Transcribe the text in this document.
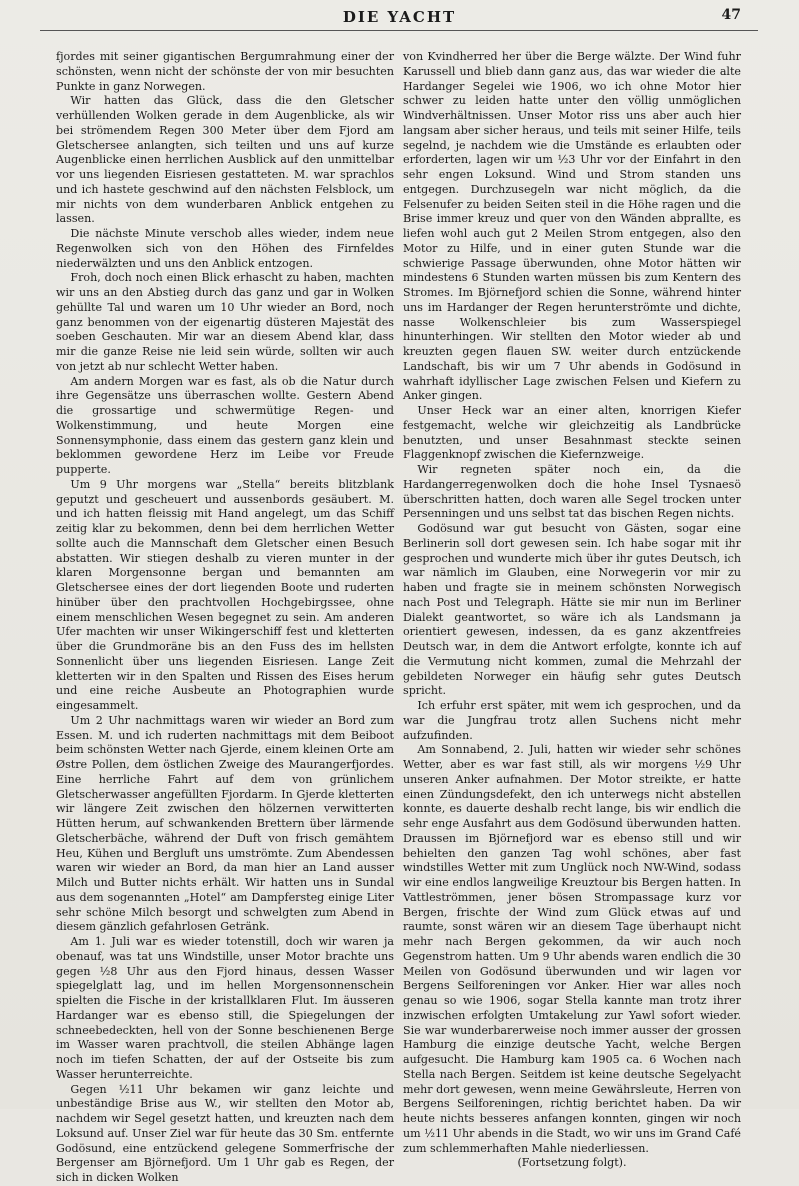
DIE YACHT	47

fjordes mit seiner gigantischen Bergumrahmung einer der schönsten, wenn nicht der schönste der von mir besuchten Punkte in ganz Norwegen.

Wir hatten das Glück, dass die den Gletscher verhüllenden Wolken gerade in dem Augenblicke, als wir bei strömendem Regen 300 Meter über dem Fjord am Gletschersee anlangten, sich teilten und uns auf kurze Augenblicke einen herrlichen Ausblick auf den unmittelbar vor uns liegenden Eisriesen gestatteten. M. war sprachlos und ich hastete geschwind auf den nächsten Felsblock, um mir nichts von dem wunderbaren Anblick entgehen zu lassen.

Die nächste Minute verschob alles wieder, indem neue Regenwolken sich von den Höhen des Firnfeldes niederwälzten und uns den Anblick entzogen.

Froh, doch noch einen Blick erhascht zu haben, machten wir uns an den Abstieg durch das ganz und gar in Wolken gehüllte Tal und waren um 10 Uhr wieder an Bord, noch ganz benommen von der eigenartig düsteren Majestät des soeben Geschauten. Mir war an diesem Abend klar, dass mir die ganze Reise nie leid sein würde, sollten wir auch von jetzt ab nur schlecht Wetter haben.

Am andern Morgen war es fast, als ob die Natur durch ihre Gegensätze uns überraschen wollte. Gestern Abend die grossartige und schwermütige Regen- und Wolkenstimmung, und heute Morgen eine Sonnensymphonie, dass einem das gestern ganz klein und beklommen gewordene Herz im Leibe vor Freude pupperte.

Um 9 Uhr morgens war „Stella“ bereits blitzblank geputzt und gescheuert und aussenbords gesäubert. M. und ich hatten fleissig mit Hand angelegt, um das Schiff zeitig klar zu bekommen, denn bei dem herrlichen Wetter sollte auch die Mannschaft dem Gletscher einen Besuch abstatten. Wir stiegen deshalb zu vieren munter in der klaren Morgensonne bergan und bemannten am Gletschersee eines der dort liegenden Boote und ruderten hinüber über den prachtvollen Hochgebirgssee, ohne einem menschlichen Wesen begegnet zu sein. Am anderen Ufer machten wir unser Wikingerschiff fest und kletterten über die Grundmoräne bis an den Fuss des im hellsten Sonnenlicht über uns liegenden Eisriesen. Lange Zeit kletterten wir in den Spalten und Rissen des Eises herum und eine reiche Ausbeute an Photographien wurde eingesammelt.

Um 2 Uhr nachmittags waren wir wieder an Bord zum Essen. M. und ich ruderten nachmittags mit dem Beiboot beim schönsten Wetter nach Gjerde, einem kleinen Orte am Østre Pollen, dem östlichen Zweige des Maurangerfjordes. Eine herrliche Fahrt auf dem von grünlichem Gletscherwasser angefüllten Fjordarm. In Gjerde kletterten wir längere Zeit zwischen den hölzernen verwitterten Hütten herum, auf schwankenden Brettern über lärmende Gletscherbäche, während der Duft von frisch gemähtem Heu, Kühen und Bergluft uns umströmte. Zum Abendessen waren wir wieder an Bord, da man hier an Land ausser Milch und Butter nichts erhält. Wir hatten uns in Sundal aus dem sogenannten „Hotel“ am Dampfersteg einige Liter sehr schöne Milch besorgt und schwelgten zum Abend in diesem gänzlich gefahrlosen Getränk.

Am 1. Juli war es wieder totenstill, doch wir waren ja obenauf, was tat uns Windstille, unser Motor brachte uns gegen ½8 Uhr aus den Fjord hinaus, dessen Wasser spiegelglatt lag, und im hellen Morgensonnenschein spielten die Fische in der kristallklaren Flut. Im äusseren Hardanger war es ebenso still, die Spiegelungen der schneebedeckten, hell von der Sonne beschienenen Berge im Wasser waren prachtvoll, die steilen Abhänge lagen noch im tiefen Schatten, der auf der Ostseite bis zum Wasser herunterreichte.

Gegen ½11 Uhr bekamen wir ganz leichte und unbeständige Brise aus W., wir stellten den Motor ab, nachdem wir Segel gesetzt hatten, und kreuzten nach dem Loksund auf. Unser Ziel war für heute das 30 Sm. entfernte Godösund, eine entzückend gelegene Sommerfrische der Bergenser am Björnefjord. Um 1 Uhr gab es Regen, der sich in dicken Wolken

von Kvindherred her über die Berge wälzte. Der Wind fuhr Karussell und blieb dann ganz aus, das war wieder die alte Hardanger Segelei wie 1906, wo ich ohne Motor hier schwer zu leiden hatte unter den völlig unmöglichen Windverhältnissen. Unser Motor riss uns aber auch hier langsam aber sicher heraus, und teils mit seiner Hilfe, teils segelnd, je nachdem wie die Umstände es erlaubten oder erforderten, lagen wir um ½3 Uhr vor der Einfahrt in den sehr engen Loksund. Wind und Strom standen uns entgegen. Durchzusegeln war nicht möglich, da die Felsenufer zu beiden Seiten steil in die Höhe ragen und die Brise immer kreuz und quer von den Wänden abprallte, es liefen wohl auch gut 2 Meilen Strom entgegen, also den Motor zu Hilfe, und in einer guten Stunde war die schwierige Passage überwunden, ohne Motor hätten wir mindestens 6 Stunden warten müssen bis zum Kentern des Stromes. Im Björnefjord schien die Sonne, während hinter uns im Hardanger der Regen herunterströmte und dichte, nasse Wolkenschleier bis zum Wasserspiegel hinunterhingen. Wir stellten den Motor wieder ab und kreuzten gegen flauen SW. weiter durch entzückende Landschaft, bis wir um 7 Uhr abends in Godösund in wahrhaft idyllischer Lage zwischen Felsen und Kiefern zu Anker gingen.

Unser Heck war an einer alten, knorrigen Kiefer festgemacht, welche wir gleichzeitig als Landbrücke benutzten, und unser Besahnmast steckte seinen Flaggenknopf zwischen die Kiefernzweige.

Wir regneten später noch ein, da die Hardangerregenwolken doch die hohe Insel Tysnaesö überschritten hatten, doch waren alle Segel trocken unter Persenningen und uns selbst tat das bischen Regen nichts.

Godösund war gut besucht von Gästen, sogar eine Berlinerin soll dort gewesen sein. Ich habe sogar mit ihr gesprochen und wunderte mich über ihr gutes Deutsch, ich war nämlich im Glauben, eine Norwegerin vor mir zu haben und fragte sie in meinem schönsten Norwegisch nach Post und Telegraph. Hätte sie mir nun im Berliner Dialekt geantwortet, so wäre ich als Landsmann ja orientiert gewesen, indessen, da es ganz akzentfreies Deutsch war, in dem die Antwort erfolgte, konnte ich auf die Vermutung nicht kommen, zumal die Mehrzahl der gebildeten Norweger ein häufig sehr gutes Deutsch spricht.

Ich erfuhr erst später, mit wem ich gesprochen, und da war die Jungfrau trotz allen Suchens nicht mehr aufzufinden.

Am Sonnabend, 2. Juli, hatten wir wieder sehr schönes Wetter, aber es war fast still, als wir morgens ½9 Uhr unseren Anker aufnahmen. Der Motor streikte, er hatte einen Zündungsdefekt, den ich unterwegs nicht abstellen konnte, es dauerte deshalb recht lange, bis wir endlich die sehr enge Ausfahrt aus dem Godösund überwunden hatten. Draussen im Björnefjord war es ebenso still und wir behielten den ganzen Tag wohl schönes, aber fast windstilles Wetter mit zum Unglück noch NW-Wind, sodass wir eine endlos langweilige Kreuztour bis Bergen hatten. In Vattleströmmen, jener bösen Strompassage kurz vor Bergen, frischte der Wind zum Glück etwas auf und raumte, sonst wären wir an diesem Tage überhaupt nicht mehr nach Bergen gekommen, da wir auch noch Gegenstrom hatten. Um 9 Uhr abends waren endlich die 30 Meilen von Godösund überwunden und wir lagen vor Bergens Seilforeningen vor Anker. Hier war alles noch genau so wie 1906, sogar Stella kannte man trotz ihrer inzwischen erfolgten Umtakelung zur Yawl sofort wieder. Sie war wunderbarerweise noch immer ausser der grossen Hamburg die einzige deutsche Yacht, welche Bergen aufgesucht. Die Hamburg kam 1905 ca. 6 Wochen nach Stella nach Bergen. Seitdem ist keine deutsche Segelyacht mehr dort gewesen, wenn meine Gewährsleute, Herren von Bergens Seilforeningen, richtig berichtet haben. Da wir heute nichts besseres anfangen konnten, gingen wir noch um ½11 Uhr abends in die Stadt, wo wir uns im Grand Café zum schlemmerhaften Mahle niederliessen.

(Fortsetzung folgt).
